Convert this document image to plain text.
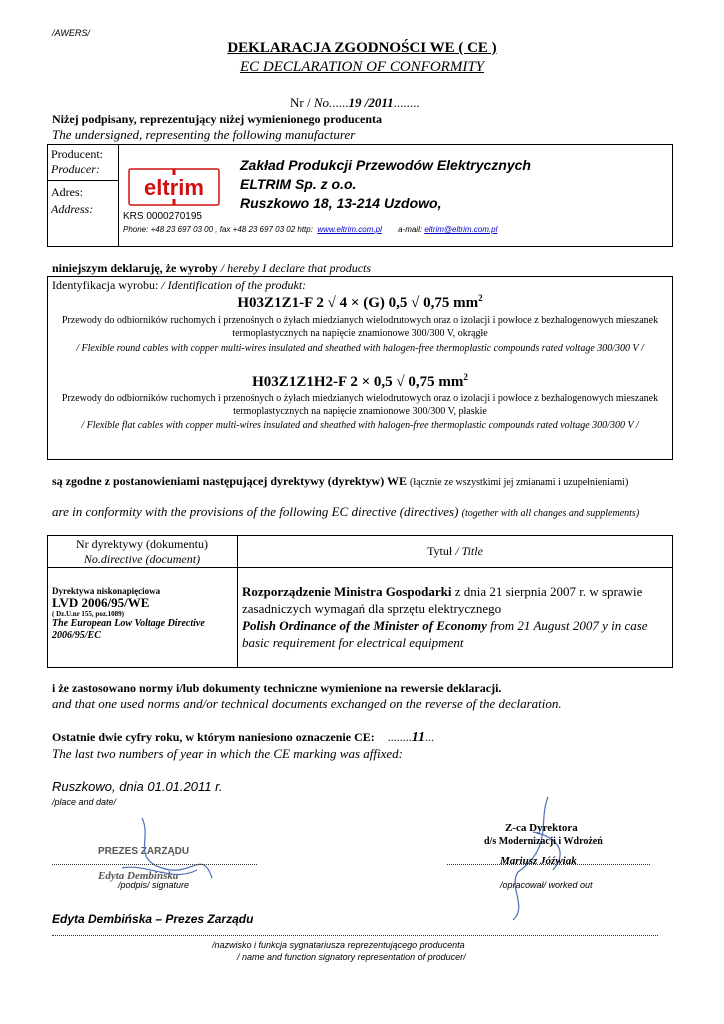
/AWERS/
DEKLARACJA ZGODNOŚCI WE ( CE )
EC DECLARATION OF CONFORMITY
Nr / No......19 /2011........
Niżej podpisany, reprezentujący niżej wymienionego producenta
The undersigned, representing the following manufacturer
Producent:
Producer:
Adres:
Address:
eltrim
Zakład Produkcji Przewodów Elektrycznych
ELTRIM Sp. z o.o.
Ruszkowo 18, 13-214 Uzdowo,
KRS 0000270195
Phone: +48 23 697 03 00 , fax +48 23 697 03 02 http: www.eltrim.com.pl a-mail: eltrim@eltrim.com.pl
niniejszym deklaruję, że wyroby / hereby I declare that products
Identyfikacja wyrobu: / Identification of the produkt:
H03Z1Z1-F 2 √ 4 × (G) 0,5 √ 0,75 $mm^2$
Przewody do odbiorników ruchomych i przenośnych o żyłach miedzianych wielodrutowych oraz o izolacji i powłoce z bezhalogenowych mieszanek termoplastycznych na napięcie znamionowe 300/300 V, okrągłe
/ Flexible round cables with copper multi-wires insulated and sheathed with halogen-free thermoplastic compounds rated voltage 300/300 V /
H03Z1Z1H2-F 2 × 0,5 √ 0,75 $mm^2$
Przewody do odbiorników ruchomych i przenośnych o żyłach miedzianych wielodrutowych oraz o izolacji i powłoce z bezhalogenowych mieszanek termoplastycznych na napięcie znamionowe 300/300 V, płaskie
/ Flexible flat cables with copper multi-wires insulated and sheathed with halogen-free thermoplastic compounds rated voltage 300/300 V /
są zgodne z postanowieniami następującej dyrektywy (dyrektyw) WE (łącznie ze wszystkimi jej zmianami i uzupełnieniami)
are in conformity with the provisions of the following EC directive (directives) (together with all changes and supplements)
Nr dyrektywy (dokumentu)
No.directive (document)
Tytuł / Title
Dyrektywa niskonapięciowa
LVD 2006/95/WE
( Dz.U.nr 155, poz.1089)
The European Low Voltage Directive 2006/95/EC
Rozporządzenie Ministra Gospodarki z dnia 21 sierpnia 2007 r. w sprawie zasadniczych wymagań dla sprzętu elektrycznego
Polish Ordinance of the Minister of Economy from 21 August 2007 y in case basic requirement for electrical equipment
i że zastosowano normy i/lub dokumenty techniczne wymienione na rewersie deklaracji.
and that one used norms and/or technical documents exchanged on the reverse of the declaration.
Ostatnie dwie cyfry roku, w którym naniesiono oznaczenie CE: ........11...
The last two numbers of year in which the CE marking was affixed:
Ruszkowo, dnia 01.01.2011 r.
/place and date/
PREZES ZARZĄDU
Edyta Dembińska
/podpis/ signature
Z-ca Dyrektora
d/s Modernizacji i Wdrożeń
Mariusz Jóźwiak
/opracował/ worked out
Edyta Dembińska – Prezes Zarządu
/nazwisko i funkcja sygnatariusza reprezentującego producenta
/ name and function signatory representation of producer/
